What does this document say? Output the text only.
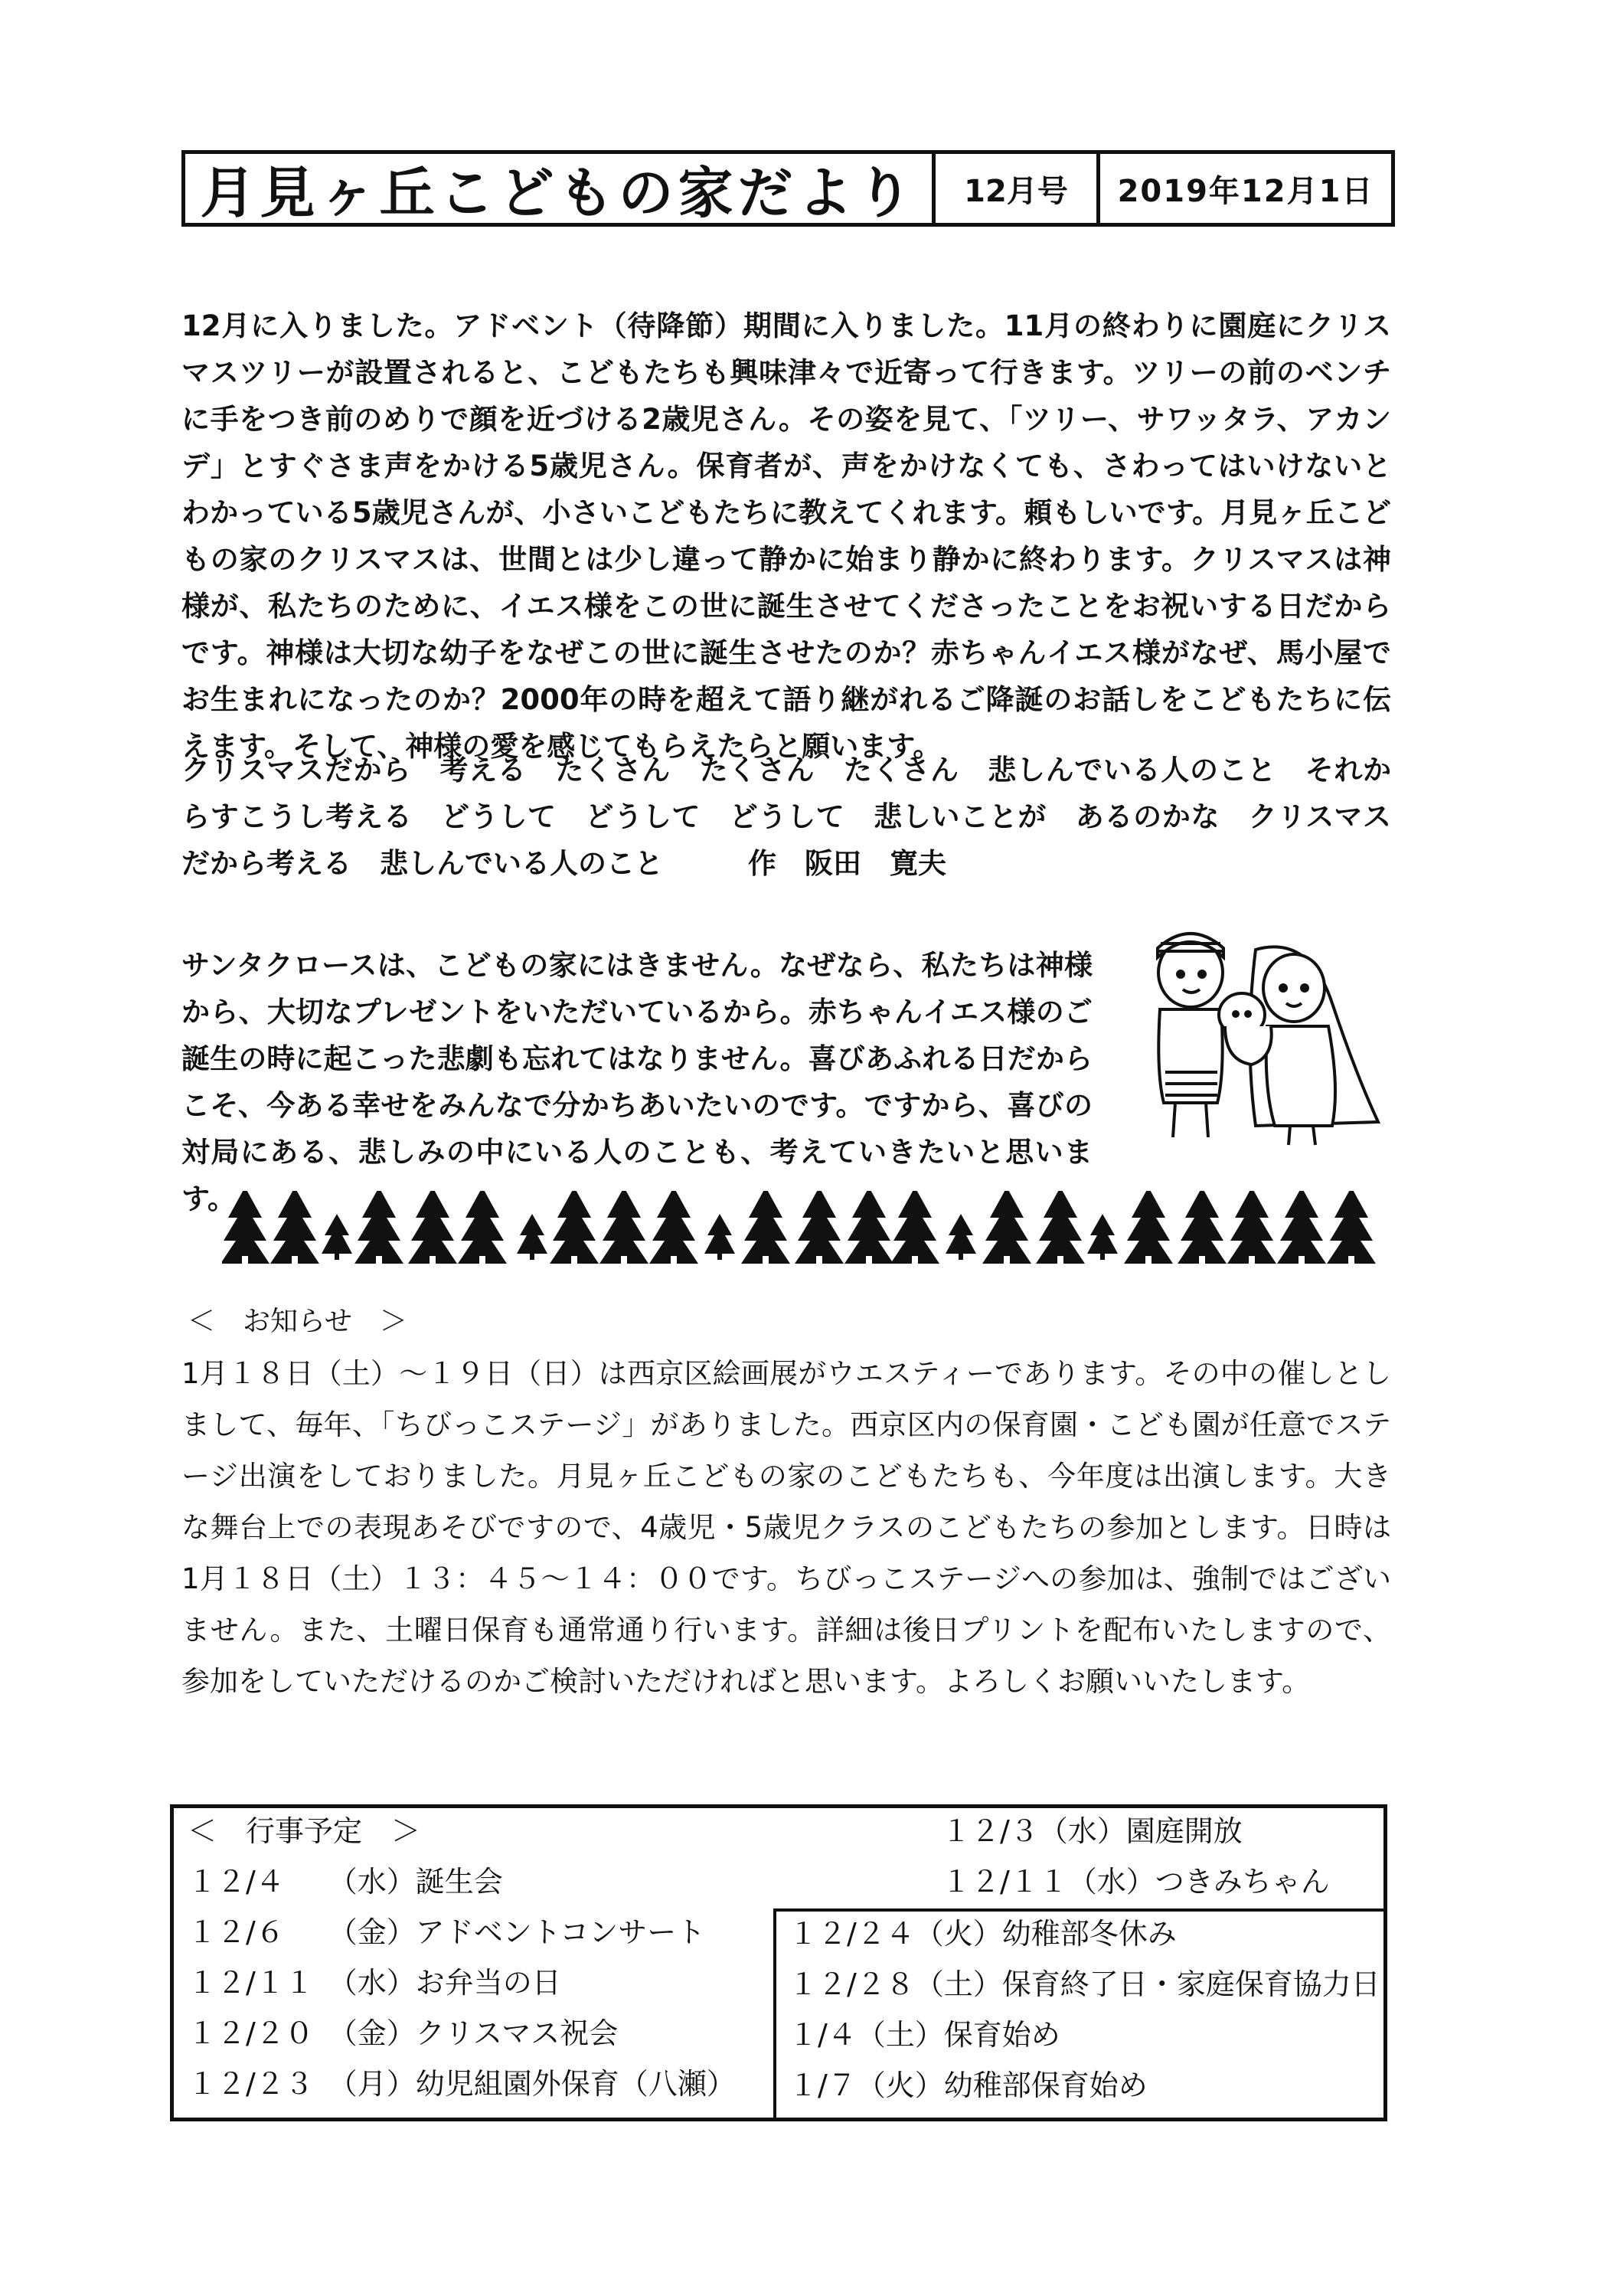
月見ヶ丘こどもの家だより	12月号	2019年12月1日
12月に入りました。アドベント（待降節）期間に入りました。11月の終わりに園庭にクリスマスツリーが設置されると、こどもたちも興味津々で近寄って行きます。ツリーの前のベンチに手をつき前のめりで顔を近づける2歳児さん。その姿を見て、「ツリー、サワッタラ、アカンデ」とすぐさま声をかける5歳児さん。保育者が、声をかけなくても、さわってはいけないとわかっている5歳児さんが、小さいこどもたちに教えてくれます。頼もしいです。月見ヶ丘こどもの家のクリスマスは、世間とは少し違って静かに始まり静かに終わります。クリスマスは神様が、私たちのために、イエス様をこの世に誕生させてくださったことをお祝いする日だからです。神様は大切な幼子をなぜこの世に誕生させたのか？赤ちゃんイエス様がなぜ、馬小屋でお生まれになったのか？2000年の時を超えて語り継がれるご降誕のお話しをこどもたちに伝えます。そして、神様の愛を感じてもらえたらと願います。
クリスマスだから　考える　たくさん　たくさん　たくさん　悲しんでいる人のこと　それからすこうし考える　どうして　どうして　どうして　悲しいことが　あるのかな　クリスマスだから考える　悲しんでいる人のこと　　　作　阪田　寛夫
サンタクロースは、こどもの家にはきません。なぜなら、私たちは神様から、大切なプレゼントをいただいているから。赤ちゃんイエス様のご誕生の時に起こった悲劇も忘れてはなりません。喜びあふれる日だからこそ、今ある幸せをみんなで分かちあいたいのです。ですから、喜びの対局にある、悲しみの中にいる人のことも、考えていきたいと思います。
＜　お知らせ　＞
1月１８日（土）～１９日（日）は西京区絵画展がウエスティーであります。その中の催しとしまして、毎年、「ちびっこステージ」がありました。西京区内の保育園・こども園が任意でステージ出演をしておりました。月見ヶ丘こどもの家のこどもたちも、今年度は出演します。大きな舞台上での表現あそびですので、4歳児・5歳児クラスのこどもたちの参加とします。日時は1月１８日（土）１３：４５～１４：００です。ちびっこステージへの参加は、強制ではございません。また、土曜日保育も通常通り行います。詳細は後日プリントを配布いたしますので、参加をしていただけるのかご検討いただければと思います。よろしくお願いいたします。
＜　行事予定　＞
１２/４　　（水）誕生会
１２/６　　（金）アドベントコンサート
１２/１１　（水）お弁当の日
１２/２０　（金）クリスマス祝会
１２/２３　（月）幼児組園外保育（八瀬）
１２/３（水）園庭開放
１２/１１（水）つきみちゃん
１２/２４（火）幼稚部冬休み
１２/２８（土）保育終了日・家庭保育協力日
１/４（土）保育始め
１/７（火）幼稚部保育始め
